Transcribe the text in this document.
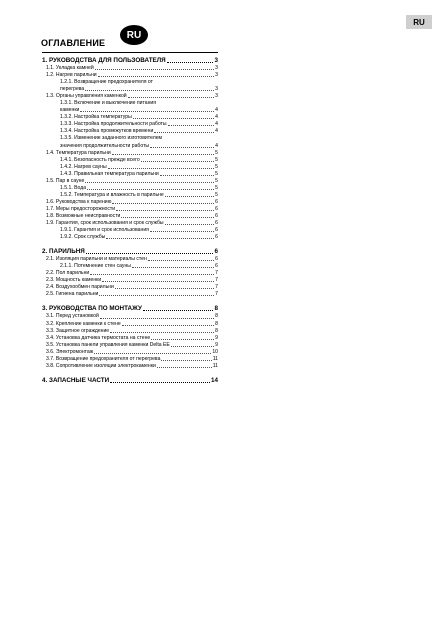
RU
ОГЛАВЛЕНИЕ
RU
1. РУКОВОДСТВА ДЛЯ ПОЛЬЗОВАТЕЛЯ	3
1.1. Укладка камней	3
1.2. Нагрев парильни	3
1.2.1. Возвращение предохранителя от
перегрева	3
1.3. Органы управления каменкой	3
1.3.1. Включение и выключение питания
каменки	4
1.3.2. Настройка температуры	4
1.3.3. Настройка продолжительности работы	4
1.3.4. Настройка промежутков времени	4
1.3.5. Изменение заданного изготовителем
значения продолжительности работы	4
1.4. Температура парильни	5
1.4.1. Безопасность прежде всего	5
1.4.2. Нагрев сауны	5
1.4.3. Правильная температура парильни	5
1.5. Пар в сауне	5
1.5.1. Вода	5
1.5.2. Температура и влажность в парильне	5
1.6. Руководства к парению	6
1.7. Меры предосторожности	6
1.8. Возможные неисправности	6
1.9. Гарантия, срок использования и срок службы	6
1.9.1. Гарантия и срок использования	6
1.9.2. Срок службы	6
2. ПАРИЛЬНЯ	6
2.1. Изоляция парильни и материалы стен	6
2.1.1. Потемнение стен сауны	6
2.2. Пол парильни	7
2.3. Мощность каменки	7
2.4. Воздухообмен парильни	7
2.5. Гигиена парильни	7
3. РУКОВОДСТВА ПО МОНТАЖУ	8
3.1. Перед установкой	8
3.2. Крепление каменки к стене	8
3.3. Защитное ограждение	8
3.4. Установка датчика термостата на стене	9
3.5. Установка панели управления каменки Delta EE	9
3.6. Электромонтаж	10
3.7. Возвращение предохранителя от перегрева	11
3.8. Сопротивление изоляции электрокаменки	11
4. ЗАПАСНЫЕ ЧАСТИ	14
